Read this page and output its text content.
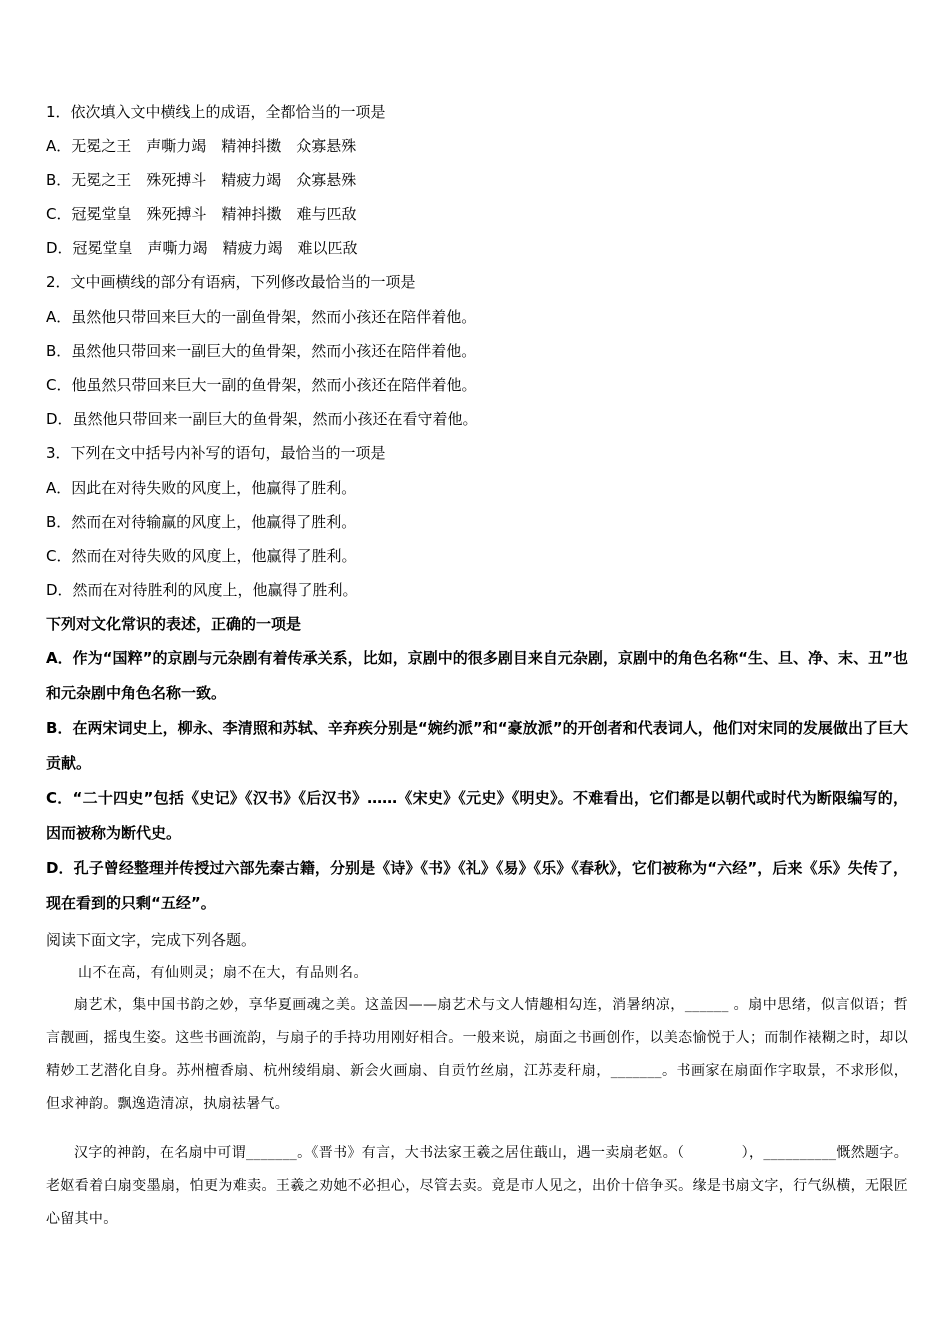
1．依次填入文中横线上的成语，全都恰当的一项是
A．无冕之王　声嘶力竭　精神抖擞　众寡悬殊
B．无冕之王　殊死搏斗　精疲力竭　众寡悬殊
C．冠冕堂皇　殊死搏斗　精神抖擞　难与匹敌
D．冠冕堂皇　声嘶力竭　精疲力竭　难以匹敌
2．文中画横线的部分有语病，下列修改最恰当的一项是
A．虽然他只带回来巨大的一副鱼骨架，然而小孩还在陪伴着他。
B．虽然他只带回来一副巨大的鱼骨架，然而小孩还在陪伴着他。
C．他虽然只带回来巨大一副的鱼骨架，然而小孩还在陪伴着他。
D．虽然他只带回来一副巨大的鱼骨架，然而小孩还在看守着他。
3．下列在文中括号内补写的语句，最恰当的一项是
A．因此在对待失败的风度上，他赢得了胜利。
B．然而在对待输赢的风度上，他赢得了胜利。
C．然而在对待失败的风度上，他赢得了胜利。
D．然而在对待胜利的风度上，他赢得了胜利。
下列对文化常识的表述，正确的一项是
A．作为“国粹”的京剧与元杂剧有着传承关系，比如，京剧中的很多剧目来自元杂剧，京剧中的角色名称“生、旦、净、末、丑”也和元杂剧中角色名称一致。
B．在两宋词史上，柳永、李清照和苏轼、辛弃疾分别是“婉约派”和“豪放派”的开创者和代表词人，他们对宋同的发展做出了巨大贡献。
C．“二十四史”包括《史记》《汉书》《后汉书》……《宋史》《元史》《明史》。不难看出，它们都是以朝代或时代为断限编写的，因而被称为断代史。
D．孔子曾经整理并传授过六部先秦古籍，分别是《诗》《书》《礼》《易》《乐》《春秋》，它们被称为“六经”，后来《乐》失传了，现在看到的只剩“五经”。
阅读下面文字，完成下列各题。
山不在高，有仙则灵；扇不在大，有品则名。
扇艺术，集中国书韵之妙，享华夏画魂之美。这盖因——扇艺术与文人情趣相勾连，消暑纳凉，______ 。扇中思绪，似言似语；哲言靓画，摇曳生姿。这些书画流韵，与扇子的手持功用刚好相合。一般来说，扇面之书画创作，以美态愉悦于人；而制作裱糊之时，却以精妙工艺潜化自身。苏州檀香扇、杭州绫绢扇、新会火画扇、自贡竹丝扇，江苏麦秆扇，_______。书画家在扇面作字取景，不求形似，但求神韵。飘逸造清凉，执扇祛暑气。
汉字的神韵，在名扇中可谓_______。《晋书》有言，大书法家王羲之居住蕺山，遇一卖扇老妪。（　　　　），__________慨然题字。老妪看着白扇变墨扇，怕更为难卖。王羲之劝她不必担心，尽管去卖。竟是市人见之，出价十倍争买。缘是书扇文字，行气纵横，无限匠心留其中。
